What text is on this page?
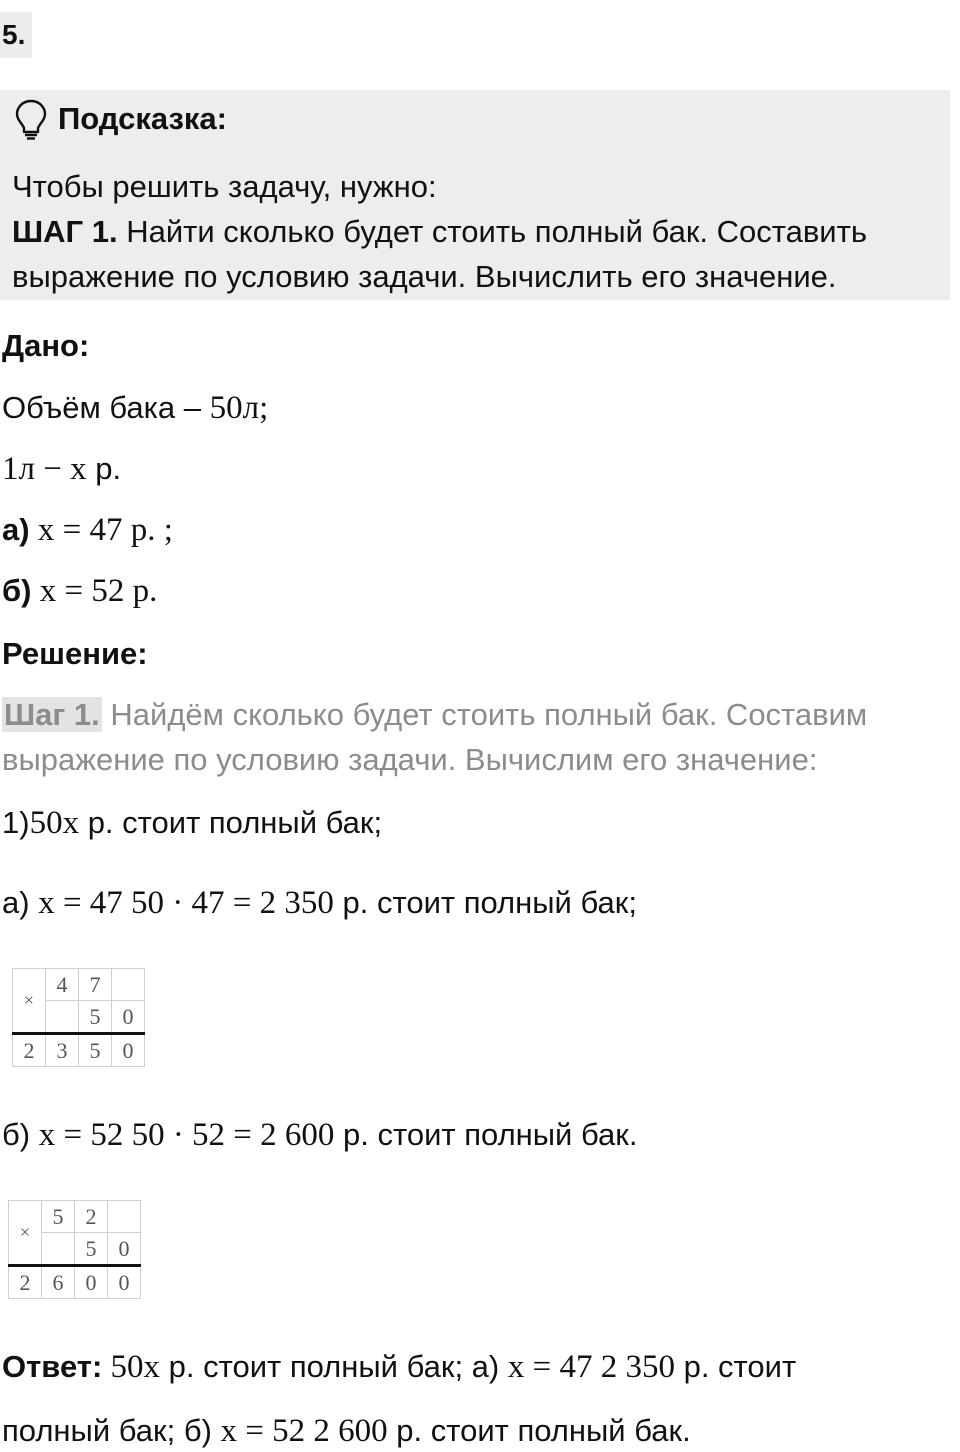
5.
Подсказка:
Чтобы решить задачу, нужно:
ШАГ 1. Найти сколько будет стоить полный бак. Составить
выражение по условию задачи. Вычислить его значение.
Дано:
Объём бака – 50л;
1л − x р.
а) x = 47 р. ;
б) x = 52 р.
Решение:
Шаг 1. Найдём сколько будет стоить полный бак. Составим
выражение по условию задачи. Вычислим его значение:
1)50x р. стоит полный бак;
а) x = 47 50 · 47 = 2 350 р. стоит полный бак;
×	4	7	
		5	0
2	3	5	0
б) x = 52 50 · 52 = 2 600 р. стоит полный бак.
×	5	2	
		5	0
2	6	0	0
Ответ: 50x р. стоит полный бак; а) x = 47 2 350 р. стоит
полный бак; б) x = 52 2 600 р. стоит полный бак.
